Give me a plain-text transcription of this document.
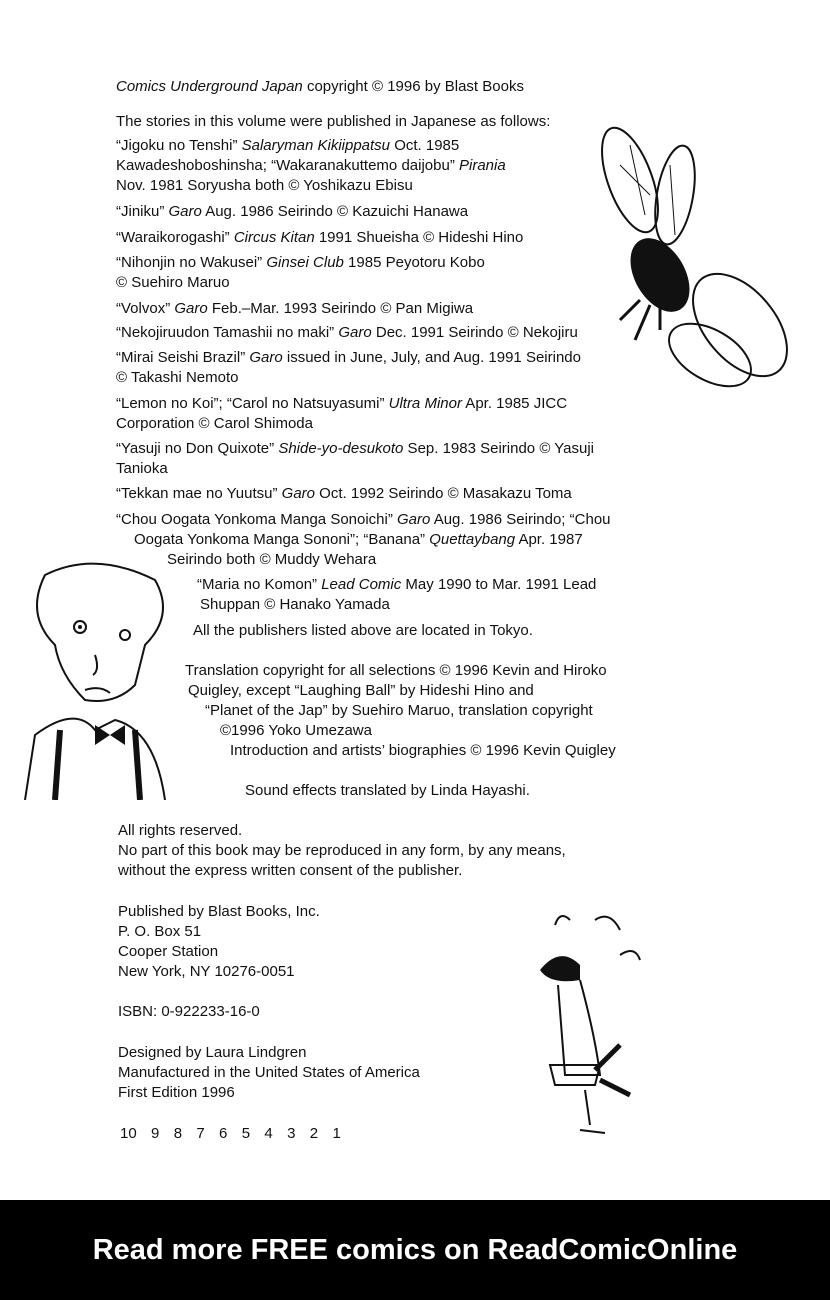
Comics Underground Japan copyright © 1996 by Blast Books
The stories in this volume were published in Japanese as follows:
“Jigoku no Tenshi” Salaryman Kikiippatsu Oct. 1985
Kawadeshoboshinsha; “Wakaranakuttemo daijobu” Pirania
Nov. 1981 Soryusha both © Yoshikazu Ebisu
“Jiniku” Garo Aug. 1986 Seirindo © Kazuichi Hanawa
“Waraikorogashi” Circus Kitan 1991 Shueisha © Hideshi Hino
“Nihonjin no Wakusei” Ginsei Club 1985 Peyotoru Kobo
© Suehiro Maruo
“Volvox” Garo Feb.–Mar. 1993 Seirindo © Pan Migiwa
“Nekojiruudon Tamashii no maki” Garo Dec. 1991 Seirindo © Nekojiru
“Mirai Seishi Brazil” Garo issued in June, July, and Aug. 1991 Seirindo
© Takashi Nemoto
“Lemon no Koi”; “Carol no Natsuyasumi” Ultra Minor Apr. 1985 JICC
Corporation © Carol Shimoda
“Yasuji no Don Quixote” Shide-yo-desukoto Sep. 1983 Seirindo © Yasuji
Tanioka
“Tekkan mae no Yuutsu” Garo Oct. 1992 Seirindo © Masakazu Toma
“Chou Oogata Yonkoma Manga Sonoichi” Garo Aug. 1986 Seirindo; “Chou
Oogata Yonkoma Manga Sononi”; “Banana” Quettaybang Apr. 1987
Seirindo both © Muddy Wehara
“Maria no Komon” Lead Comic May 1990 to Mar. 1991 Lead
Shuppan © Hanako Yamada
All the publishers listed above are located in Tokyo.
Translation copyright for all selections © 1996 Kevin and Hiroko
Quigley, except “Laughing Ball” by Hideshi Hino and
“Planet of the Jap” by Suehiro Maruo, translation copyright
©1996 Yoko Umezawa
Introduction and artists’ biographies © 1996 Kevin Quigley
Sound effects translated by Linda Hayashi.
All rights reserved.
No part of this book may be reproduced in any form, by any means,
without the express written consent of the publisher.
Published by Blast Books, Inc.
P. O. Box 51
Cooper Station
New York, NY 10276-0051
ISBN: 0-922233-16-0
Designed by Laura Lindgren
Manufactured in the United States of America
First Edition 1996
10  9  8  7  6  5  4  3  2  1
Read more FREE comics on ReadComicOnline
